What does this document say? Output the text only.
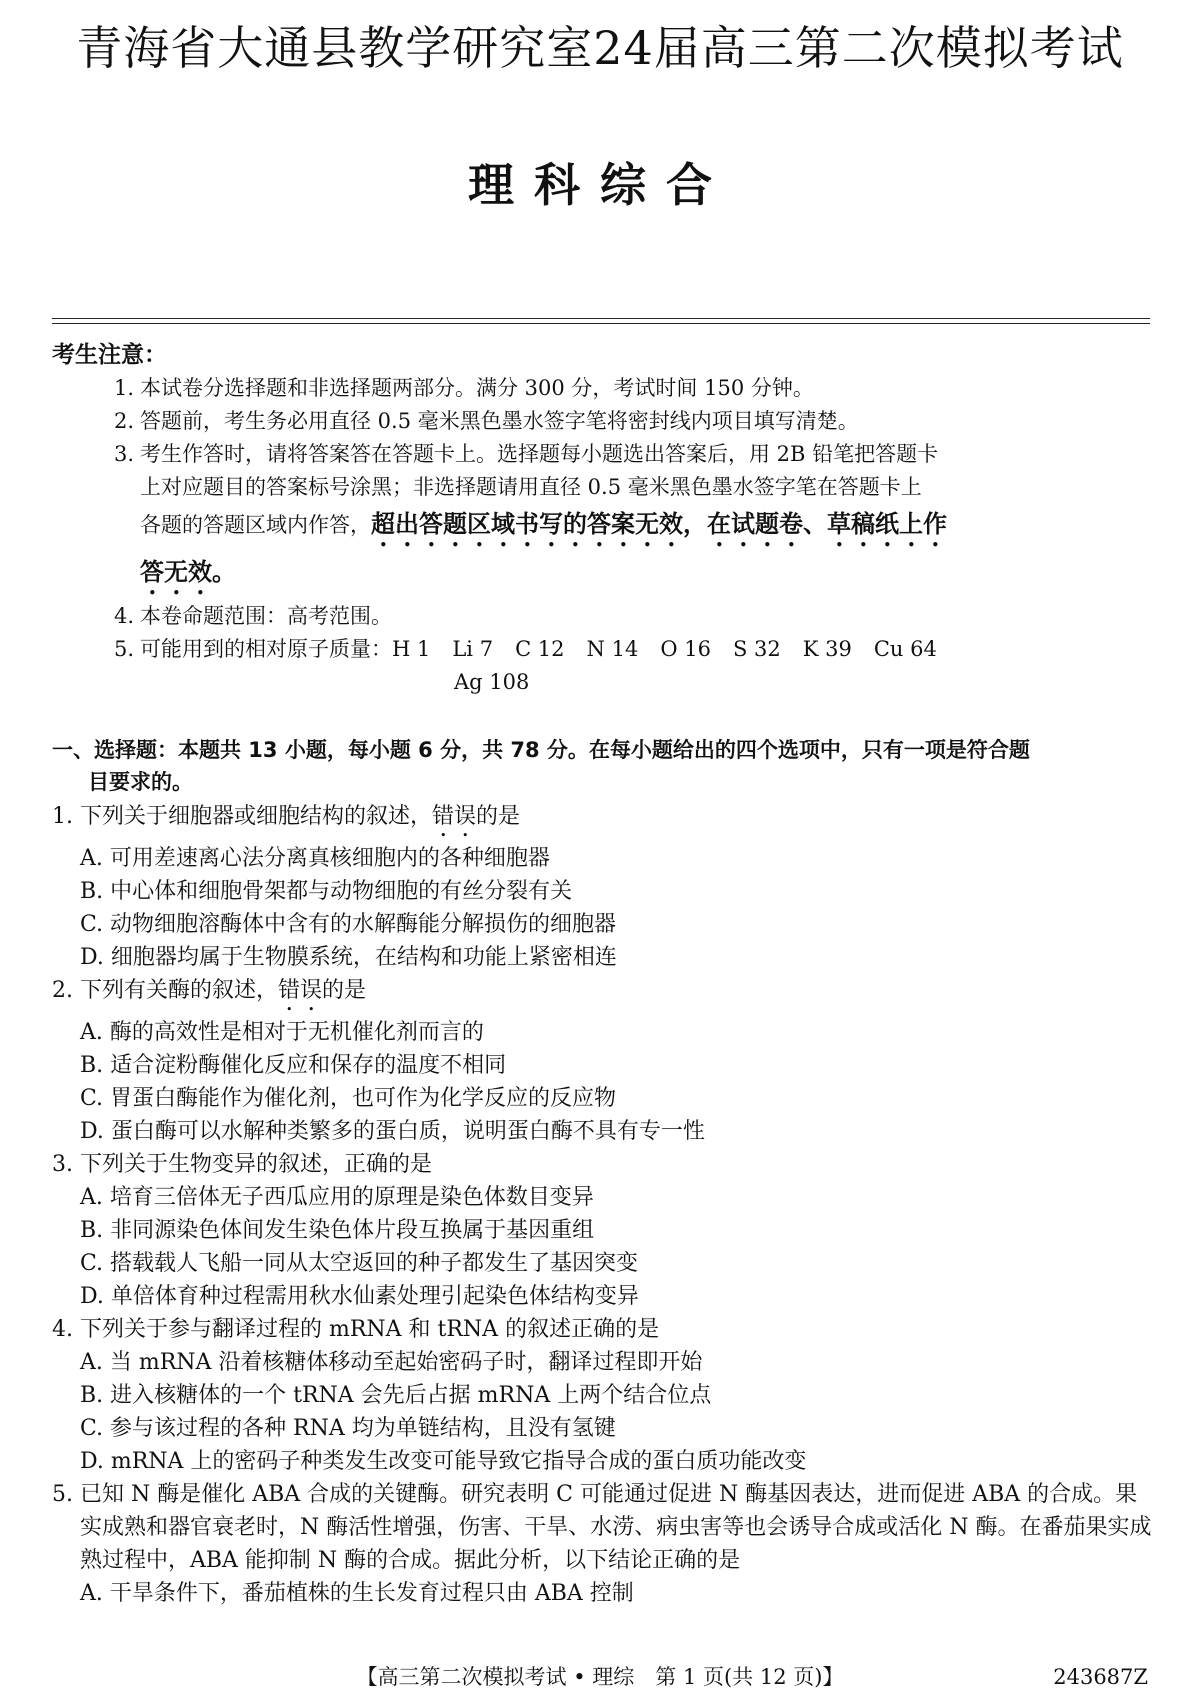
青海省大通县教学研究室24届高三第二次模拟考试
理科综合
考生注意：
1. 本试卷分选择题和非选择题两部分。满分 300 分，考试时间 150 分钟。
2. 答题前，考生务必用直径 0.5 毫米黑色墨水签字笔将密封线内项目填写清楚。
3. 考生作答时，请将答案答在答题卡上。选择题每小题选出答案后，用 2B 铅笔把答题卡
上对应题目的答案标号涂黑；非选择题请用直径 0.5 毫米黑色墨水签字笔在答题卡上
各题的答题区域内作答，超出答题区域书写的答案无效，在试题卷、草稿纸上作
答无效。
4. 本卷命题范围：高考范围。
5. 可能用到的相对原子质量：H 1 Li 7 C 12 N 14 O 16 S 32 K 39 Cu 64
Ag 108
一、选择题：本题共 13 小题，每小题 6 分，共 78 分。在每小题给出的四个选项中，只有一项是符合题
目要求的。

1. 下列关于细胞器或细胞结构的叙述，错误的是

A. 可用差速离心法分离真核细胞内的各种细胞器

B. 中心体和细胞骨架都与动物细胞的有丝分裂有关

C. 动物细胞溶酶体中含有的水解酶能分解损伤的细胞器

D. 细胞器均属于生物膜系统，在结构和功能上紧密相连

2. 下列有关酶的叙述，错误的是

A. 酶的高效性是相对于无机催化剂而言的

B. 适合淀粉酶催化反应和保存的温度不相同

C. 胃蛋白酶能作为催化剂，也可作为化学反应的反应物

D. 蛋白酶可以水解种类繁多的蛋白质，说明蛋白酶不具有专一性

3. 下列关于生物变异的叙述，正确的是

A. 培育三倍体无子西瓜应用的原理是染色体数目变异

B. 非同源染色体间发生染色体片段互换属于基因重组

C. 搭载载人飞船一同从太空返回的种子都发生了基因突变

D. 单倍体育种过程需用秋水仙素处理引起染色体结构变异

4. 下列关于参与翻译过程的 mRNA 和 tRNA 的叙述正确的是

A. 当 mRNA 沿着核糖体移动至起始密码子时，翻译过程即开始

B. 进入核糖体的一个 tRNA 会先后占据 mRNA 上两个结合位点

C. 参与该过程的各种 RNA 均为单链结构，且没有氢键

D. mRNA 上的密码子种类发生改变可能导致它指导合成的蛋白质功能改变

5. 已知 N 酶是催化 ABA 合成的关键酶。研究表明 C 可能通过促进 N 酶基因表达，进而促进 ABA 的合成。果实成熟和器官衰老时，N 酶活性增强，伤害、干旱、水涝、病虫害等也会诱导合成或活化 N 酶。在番茄果实成熟过程中，ABA 能抑制 N 酶的合成。据此分析，以下结论正确的是

A. 干旱条件下，番茄植株的生长发育过程只由 ABA 控制

【高三第二次模拟考试 • 理综　第 1 页(共 12 页)】	243687Z
